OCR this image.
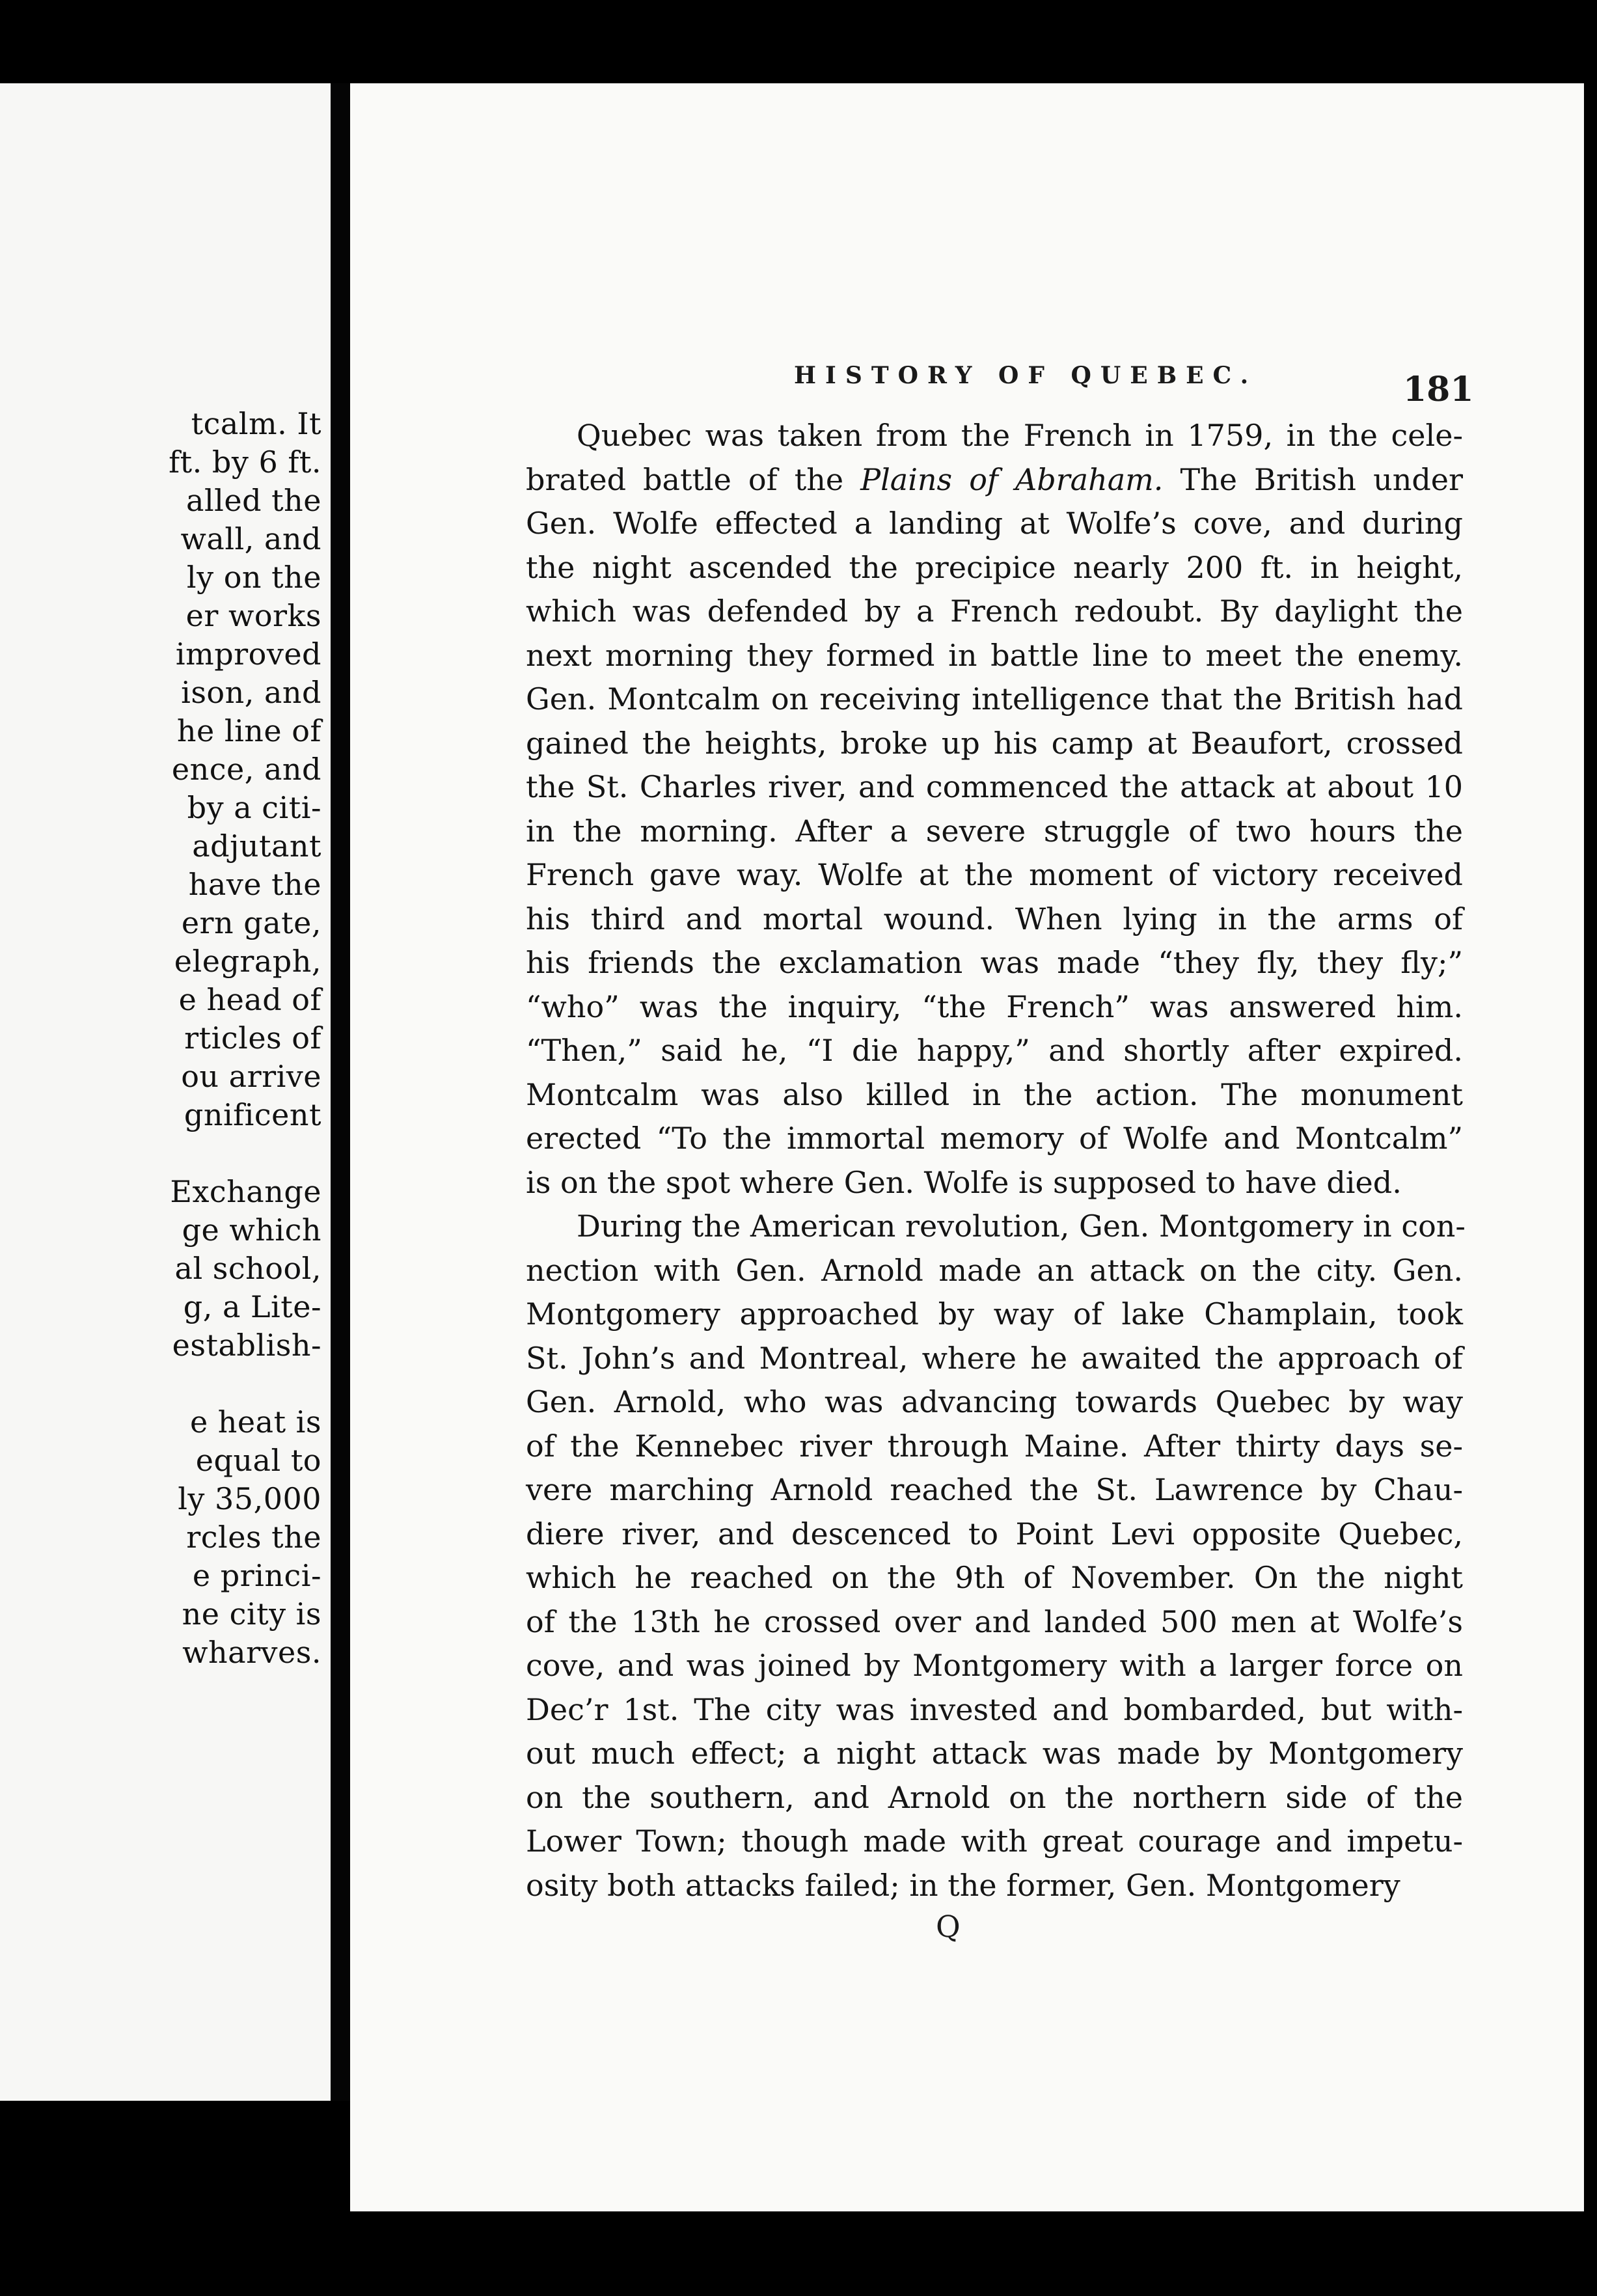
tcalm. It
ft. by 6 ft.
alled the
wall, and
ly on the
er works
improved
ison, and
he line of
ence, and
by a citi-
adjutant
have the
ern gate,
elegraph,
e head of
rticles of
ou arrive
gnificent
Exchange
ge which
al school,
g, a Lite-
establish-
e heat is
equal to
ly 35,000
rcles the
e princi-
ne city is
wharves.
HISTORY OF QUEBEC.	181
Quebec was taken from the French in 1759, in the cele-
brated battle of the Plains of Abraham. The British under
Gen. Wolfe effected a landing at Wolfe’s cove, and during
the night ascended the precipice nearly 200 ft. in height,
which was defended by a French redoubt. By daylight the
next morning they formed in battle line to meet the enemy.
Gen. Montcalm on receiving intelligence that the British had
gained the heights, broke up his camp at Beaufort, crossed
the St. Charles river, and commenced the attack at about 10
in the morning. After a severe struggle of two hours the
French gave way. Wolfe at the moment of victory received
his third and mortal wound. When lying in the arms of
his friends the exclamation was made “they fly, they fly;”
“who” was the inquiry, “the French” was answered him.
“Then,” said he, “I die happy,” and shortly after expired.
Montcalm was also killed in the action. The monument
erected “To the immortal memory of Wolfe and Montcalm”
is on the spot where Gen. Wolfe is supposed to have died.
During the American revolution, Gen. Montgomery in con-
nection with Gen. Arnold made an attack on the city. Gen.
Montgomery approached by way of lake Champlain, took
St. John’s and Montreal, where he awaited the approach of
Gen. Arnold, who was advancing towards Quebec by way
of the Kennebec river through Maine. After thirty days se-
vere marching Arnold reached the St. Lawrence by Chau-
diere river, and descenced to Point Levi opposite Quebec,
which he reached on the 9th of November. On the night
of the 13th he crossed over and landed 500 men at Wolfe’s
cove, and was joined by Montgomery with a larger force on
Dec’r 1st. The city was invested and bombarded, but with-
out much effect; a night attack was made by Montgomery
on the southern, and Arnold on the northern side of the
Lower Town; though made with great courage and impetu-
osity both attacks failed; in the former, Gen. Montgomery
Q
